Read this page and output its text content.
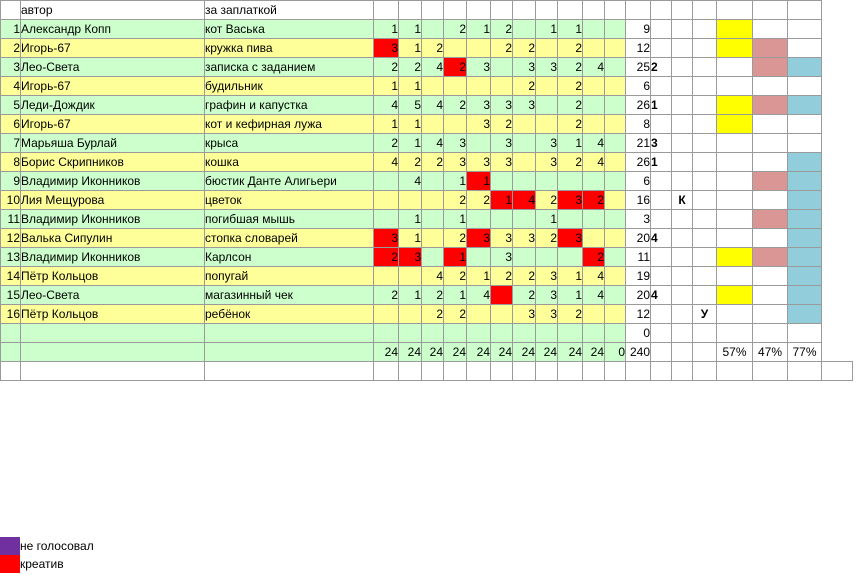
	автор	за заплаткой	

1	Александр Копп	кот Васька	1	1		2	1	2		1	1			9							
2	Игорь-67	кружка пива	3	1	2			2	2		2			12							
3	Лео-Света	записка с заданием	2	2	4	2	3		3	3	2	4		25	2						
4	Игорь-67	будильник	1	1					2		2			6							
5	Леди-Дождик	графин и капустка	4	5	4	2	3	3	3		2			26	1						
6	Игорь-67	кот и кефирная лужа	1	1			3	2			2			8							
7	Марьяша Бурлай	крыса	2	1	4	3		3		3	1	4		21	3						
8	Борис Скрипников	кошка	4	2	2	3	3	3		3	2	4		26	1						
9	Владимир Иконников	бюстик Данте Алигьери		4		1	1							6							
10	Лия Мещурова	цветок				2	2	1	4	2	3	2		16		К					
11	Владимир Иконников	погибшая мышь		1		1				1				3							
12	Валька Сипулин	стопка словарей	3	1		2	3	3	3	2	3			20	4						
13	Владимир Иконников	Карлсон	2	3		1		3				2		11							
14	Пётр Кольцов	попугай			4	2	1	2	2	3	1	4		19							
15	Лео-Света	магазинный чек	2	1	2	1	4		2	3	1	4		20	4						
16	Пётр Кольцов	ребёнок			2	2			3	3	2			12			У				
														0							
			24	24	24	24	24	24	24	24	24	24	0	240				57%	47%	77%	

	не голосовал
	креатив
